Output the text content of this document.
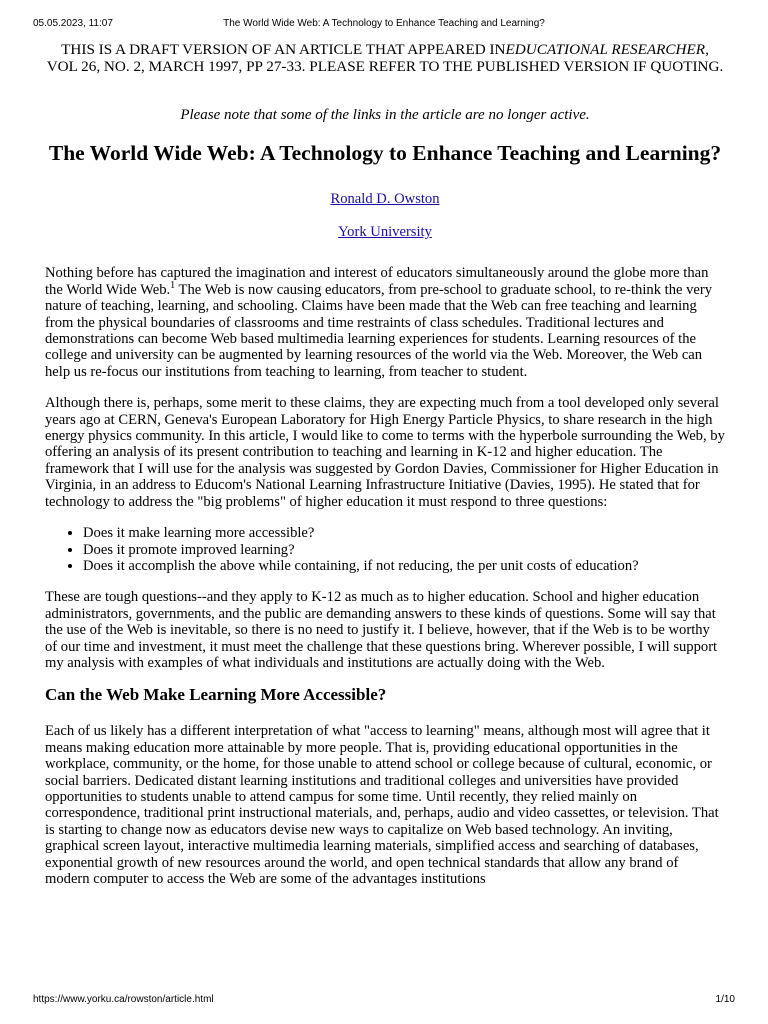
05.05.2023, 11:07	The World Wide Web: A Technology to Enhance Teaching and Learning?

THIS IS A DRAFT VERSION OF AN ARTICLE THAT APPEARED INEDUCATIONAL RESEARCHER, VOL 26, NO. 2, MARCH 1997, PP 27-33. PLEASE REFER TO THE PUBLISHED VERSION IF QUOTING.

Please note that some of the links in the article are no longer active.

The World Wide Web: A Technology to Enhance Teaching and Learning?

Ronald D. Owston

York University

Nothing before has captured the imagination and interest of educators simultaneously around the globe more than the World Wide Web.$^1$ The Web is now causing educators, from pre-school to graduate school, to re-think the very nature of teaching, learning, and schooling. Claims have been made that the Web can free teaching and learning from the physical boundaries of classrooms and time restraints of class schedules. Traditional lectures and demonstrations can become Web based multimedia learning experiences for students. Learning resources of the college and university can be augmented by learning resources of the world via the Web. Moreover, the Web can help us re-focus our institutions from teaching to learning, from teacher to student.

Although there is, perhaps, some merit to these claims, they are expecting much from a tool developed only several years ago at CERN, Geneva's European Laboratory for High Energy Particle Physics, to share research in the high energy physics community. In this article, I would like to come to terms with the hyperbole surrounding the Web, by offering an analysis of its present contribution to teaching and learning in K-12 and higher education. The framework that I will use for the analysis was suggested by Gordon Davies, Commissioner for Higher Education in Virginia, in an address to Educom's National Learning Infrastructure Initiative (Davies, 1995). He stated that for technology to address the "big problems" of higher education it must respond to three questions:

• Does it make learning more accessible?
• Does it promote improved learning?
• Does it accomplish the above while containing, if not reducing, the per unit costs of education?

These are tough questions--and they apply to K-12 as much as to higher education. School and higher education administrators, governments, and the public are demanding answers to these kinds of questions. Some will say that the use of the Web is inevitable, so there is no need to justify it. I believe, however, that if the Web is to be worthy of our time and investment, it must meet the challenge that these questions bring. Wherever possible, I will support my analysis with examples of what individuals and institutions are actually doing with the Web.

Can the Web Make Learning More Accessible?

Each of us likely has a different interpretation of what "access to learning" means, although most will agree that it means making education more attainable by more people. That is, providing educational opportunities in the workplace, community, or the home, for those unable to attend school or college because of cultural, economic, or social barriers. Dedicated distant learning institutions and traditional colleges and universities have provided opportunities to students unable to attend campus for some time. Until recently, they relied mainly on correspondence, traditional print instructional materials, and, perhaps, audio and video cassettes, or television. That is starting to change now as educators devise new ways to capitalize on Web based technology. An inviting, graphical screen layout, interactive multimedia learning materials, simplified access and searching of databases, exponential growth of new resources around the world, and open technical standards that allow any brand of modern computer to access the Web are some of the advantages institutions

https://www.yorku.ca/rowston/article.html	1/10
